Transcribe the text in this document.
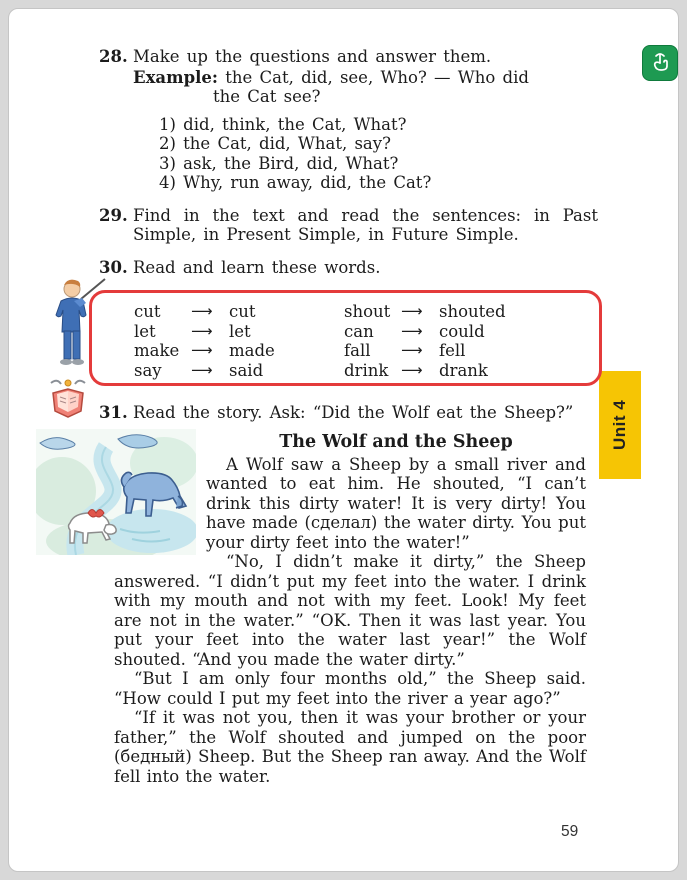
Unit 4
59
28. Make up the questions and answer them.
Example: the Cat, did, see, Who? — Who did
the Cat see?
1) did, think, the Cat, What?
2) the Cat, did, What, say?
3) ask, the Bird, did, What?
4) Why, run away, did, the Cat?
29. Find in the text and read the sentences: in Past Simple, in Present Simple, in Future Simple.
30. Read and learn these words.
cut	⟶ cut	shout ⟶ shouted
let	⟶ let	can	⟶ could
make ⟶ made	fall	⟶ fell
say	⟶ said	drink ⟶ drank
31. Read the story. Ask: “Did the Wolf eat the Sheep?”
The Wolf and the Sheep

A Wolf saw a Sheep by a small river and wanted to eat him. He shouted, “I can’t drink this dirty water! It is very dirty! You have made (сделал) the water dirty. You put your dirty feet into the water!”

“No, I didn’t make it dirty,” the Sheep answered. “I didn’t put my feet into the water. I drink with my mouth and not with my feet. Look! My feet are not in the water.” “OK. Then it was last year. You put your feet into the water last year!” the Wolf shouted. “And you made the water dirty.”

“But I am only four months old,” the Sheep said. “How could I put my feet into the river a year ago?”

“If it was not you, then it was your brother or your father,” the Wolf shouted and jumped on the poor (бедный) Sheep. But the Sheep ran away. And the Wolf fell into the water.
